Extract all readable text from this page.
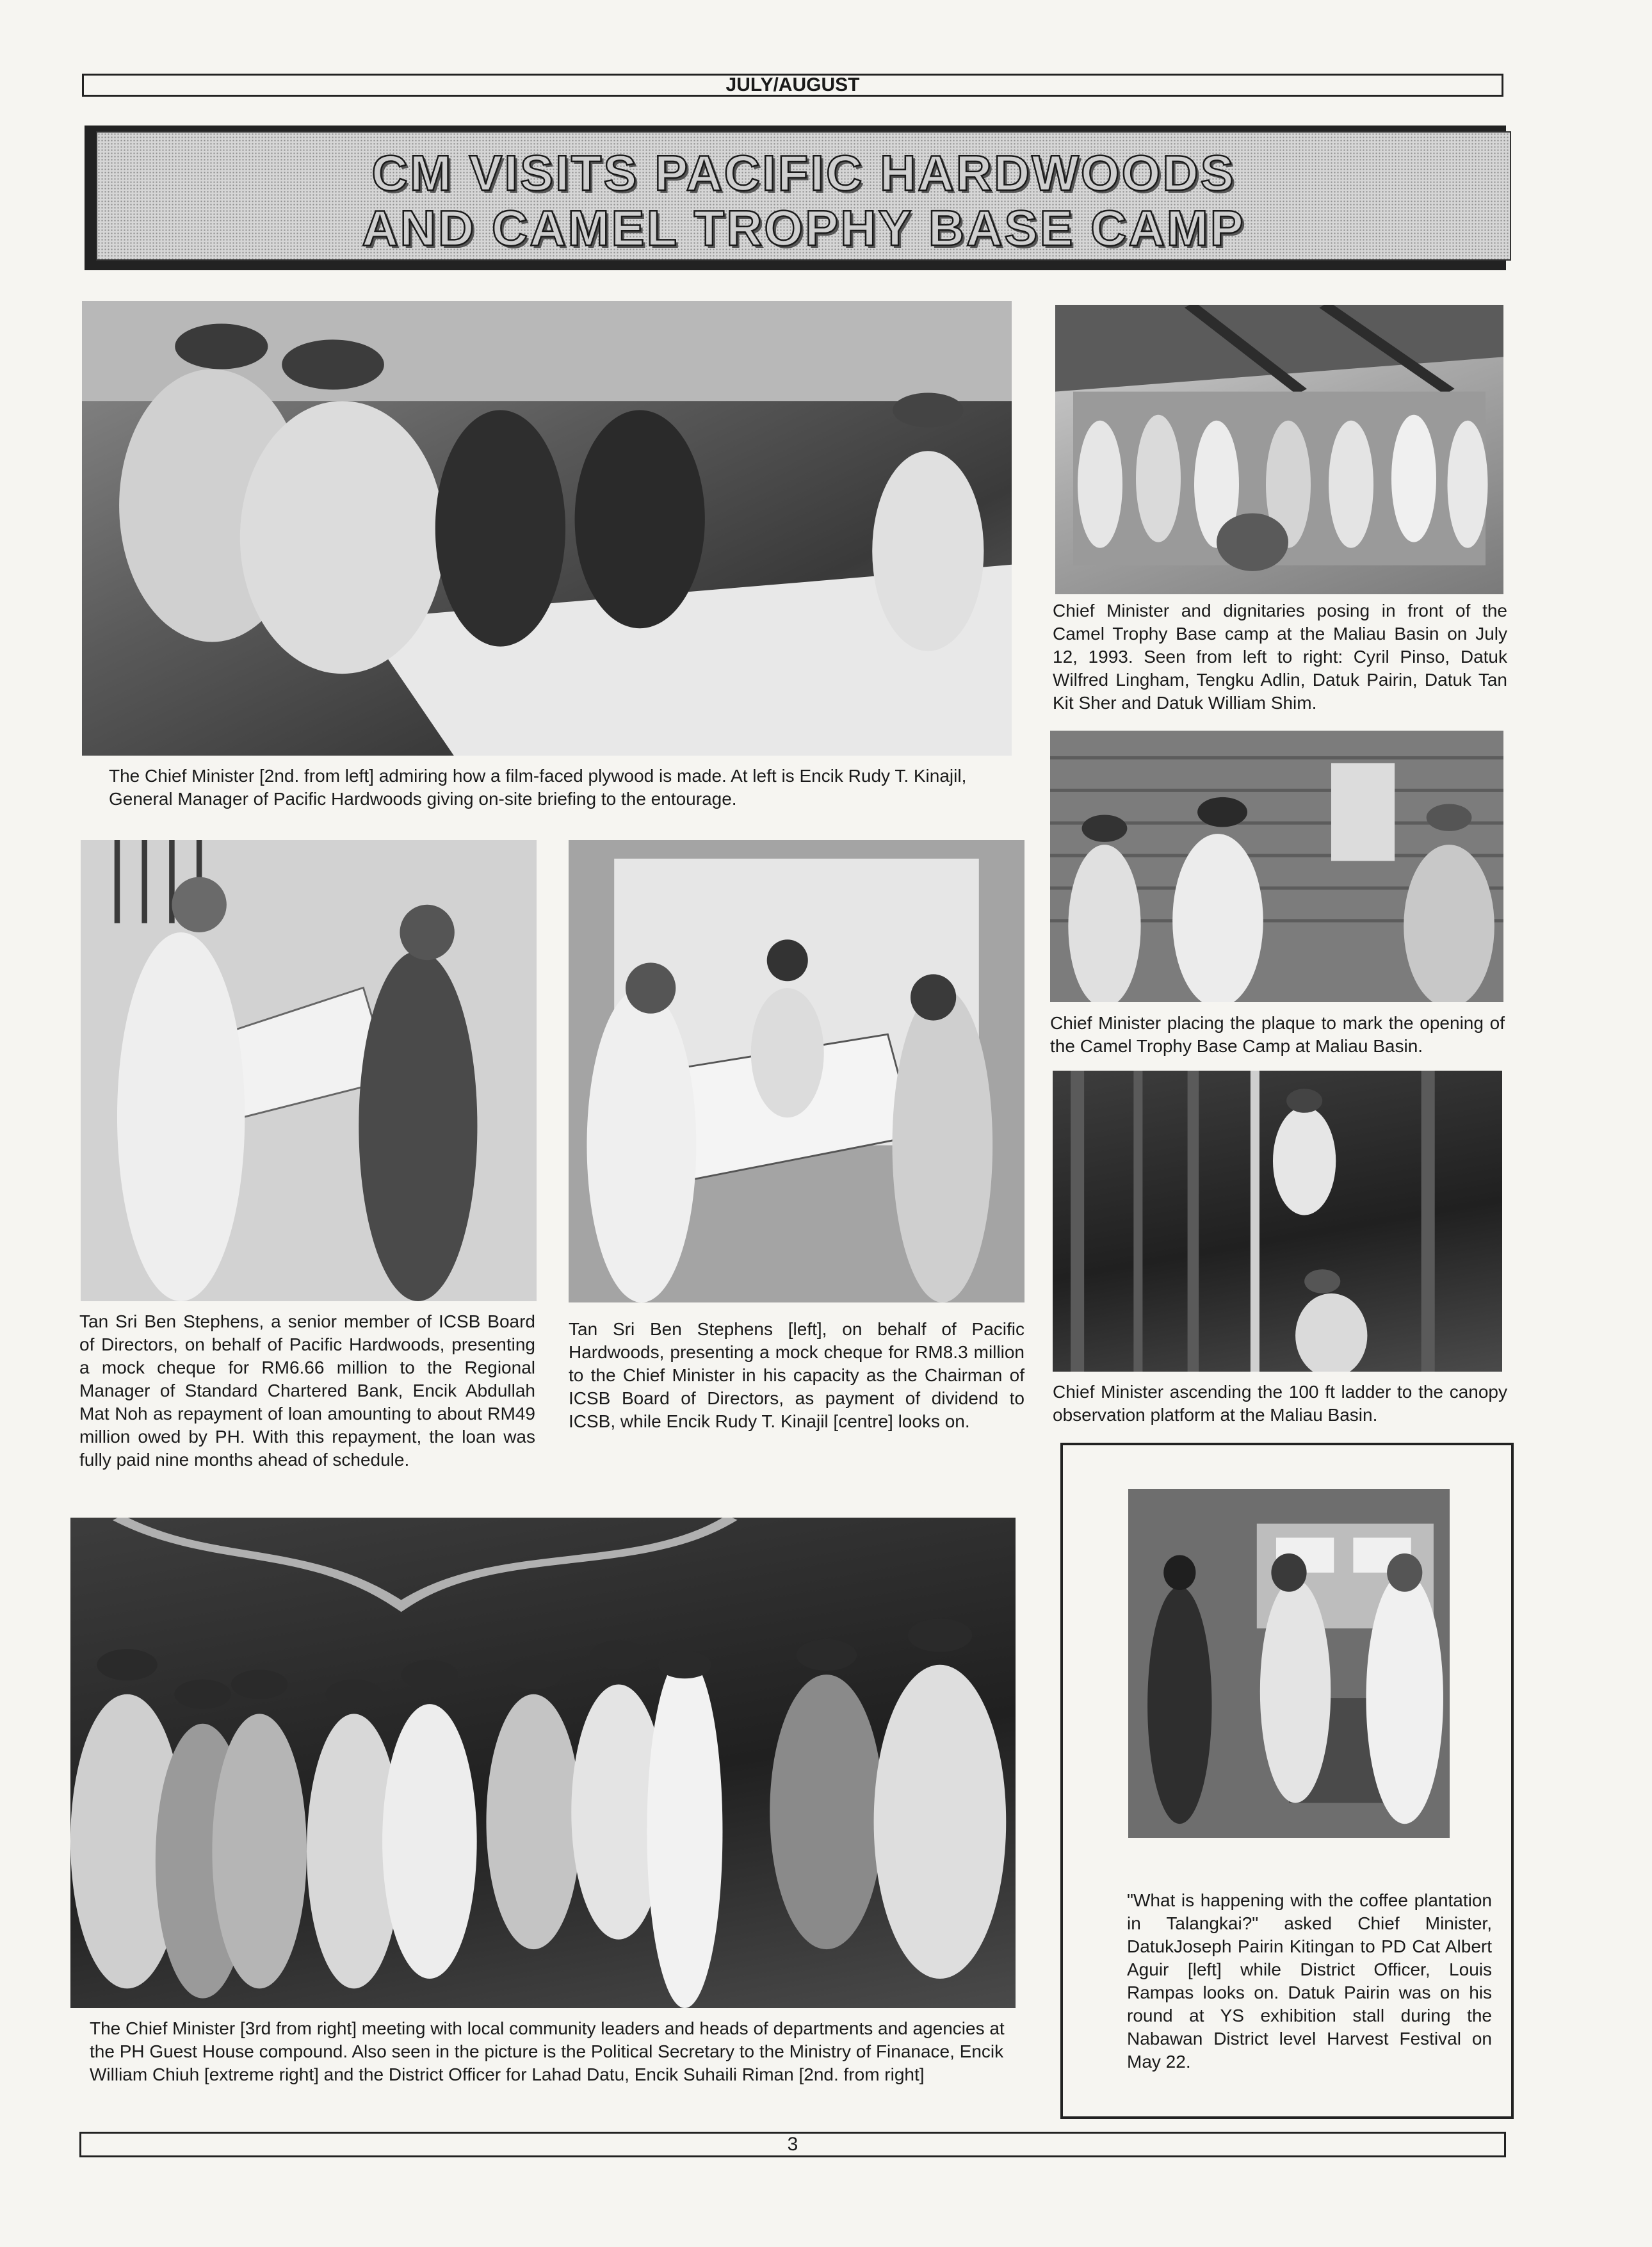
JULY/AUGUST
CM VISITS PACIFIC HARDWOODS
AND CAMEL TROPHY BASE CAMP
The Chief Minister [2nd. from left] admiring how a film-faced plywood is made. At left is Encik Rudy T. Kinajil, General Manager of Pacific Hardwoods giving on-site briefing to the entourage.
Chief Minister and dignitaries posing in front of the Camel Trophy Base camp at the Maliau Basin on July 12, 1993. Seen from left to right: Cyril Pinso, Datuk Wilfred Lingham, Tengku Adlin, Datuk Pairin, Datuk Tan Kit Sher and Datuk William Shim.
Chief Minister placing the plaque to mark the opening of the Camel Trophy Base Camp at Maliau Basin.
Tan Sri Ben Stephens, a senior member of ICSB Board of Directors, on behalf of Pacific Hardwoods, presenting a mock cheque for RM6.66 million to the Regional Manager of Standard Chartered Bank, Encik Abdullah Mat Noh as repayment of loan amounting to about RM49 million owed by PH. With this repayment, the loan was fully paid nine months ahead of schedule.
Tan Sri Ben Stephens [left], on behalf of Pacific Hardwoods, presenting a mock cheque for RM8.3 million to the Chief Minister in his capacity as the Chairman of ICSB Board of Directors, as payment of dividend to ICSB, while Encik Rudy T. Kinajil [centre] looks on.
Chief Minister ascending the 100 ft ladder to the canopy observation platform at the Maliau Basin.
The Chief Minister [3rd from right] meeting with local community leaders and heads of departments and agencies at the PH Guest House compound. Also seen in the picture is the Political Secretary to the Ministry of Finanace, Encik William Chiuh [extreme right] and the District Officer for Lahad Datu, Encik Suhaili Riman [2nd. from right]
"What is happening with the coffee plantation in Talangkai?" asked Chief Minister, DatukJoseph Pairin Kitingan to PD Cat Albert Aguir [left] while District Officer, Louis Rampas looks on. Datuk Pairin was on his round at YS exhibition stall during the Nabawan District level Harvest Festival on May 22.
3
